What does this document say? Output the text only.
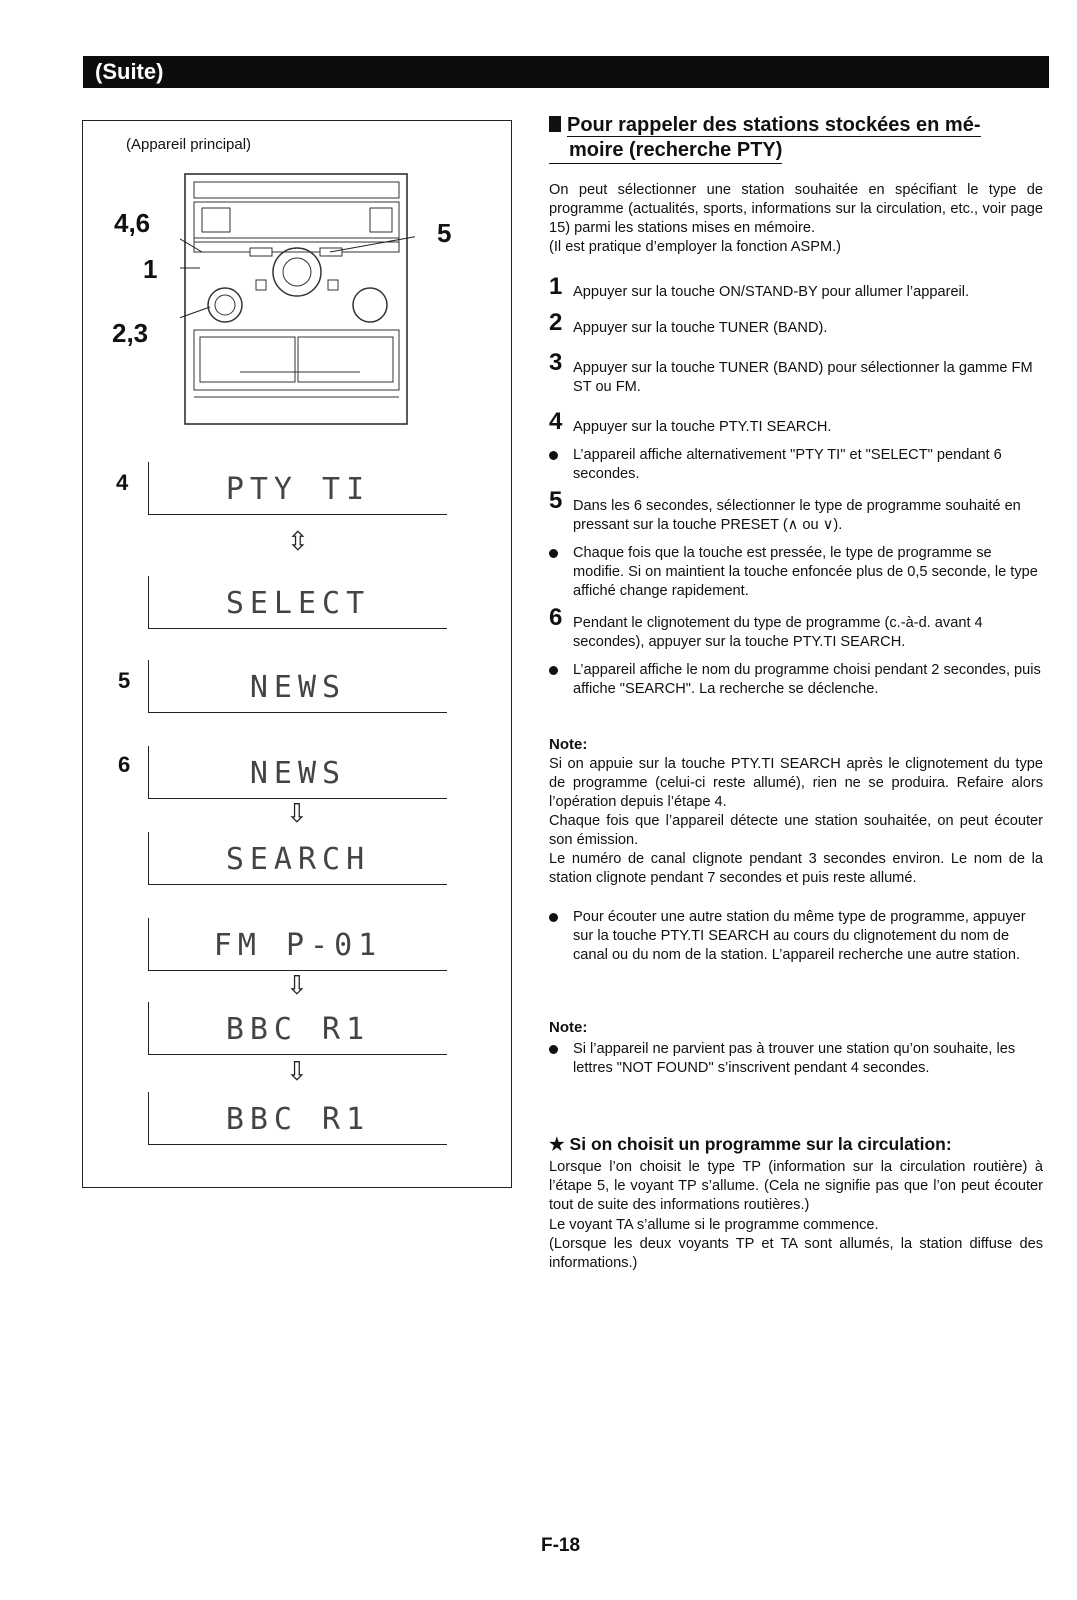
(Suite)
(Appareil principal)
4,6
1
2,3
5
4	PTY TI
⇳
SELECT
5	NEWS
6	NEWS
⇩
SEARCH
FM P-01
⇩
BBC R1
⇩
BBC R1
Pour rappeler des stations stockées en mé-
moire (recherche PTY)
On peut sélectionner une station souhaitée en spécifiant le type de programme (actualités, sports, informations sur la circulation, etc., voir page 15) parmi les stations mises en mémoire.
(Il est pratique d’employer la fonction ASPM.)
1 Appuyer sur la touche ON/STAND-BY pour allumer l’appareil.
2 Appuyer sur la touche TUNER (BAND).
3 Appuyer sur la touche TUNER (BAND) pour sélectionner la gamme FM ST ou FM.
4 Appuyer sur la touche PTY.TI SEARCH.
L’appareil affiche alternativement "PTY TI" et "SELECT" pendant 6 secondes.
5 Dans les 6 secondes, sélectionner le type de programme souhaité en pressant sur la touche PRESET (∧ ou ∨).
Chaque fois que la touche est pressée, le type de programme se modifie. Si on maintient la touche enfoncée plus de 0,5 seconde, le type affiché change rapidement.
6 Pendant le clignotement du type de programme (c.-à-d. avant 4 secondes), appuyer sur la touche PTY.TI SEARCH.
L’appareil affiche le nom du programme choisi pendant 2 secondes, puis affiche "SEARCH". La recherche se déclenche.
Note:
Si on appuie sur la touche PTY.TI SEARCH après le clignotement du type de programme (celui-ci reste allumé), rien ne se produira. Refaire alors l’opération depuis l’étape 4.
Chaque fois que l’appareil détecte une station souhaitée, on peut écouter son émission.
Le numéro de canal clignote pendant 3 secondes environ. Le nom de la station clignote pendant 7 secondes et puis reste allumé.
Pour écouter une autre station du même type de programme, appuyer sur la touche PTY.TI SEARCH au cours du clignotement du nom de canal ou du nom de la station. L’appareil recherche une autre station.
Note:
Si l’appareil ne parvient pas à trouver une station qu’on souhaite, les lettres "NOT FOUND" s’inscrivent pendant 4 secondes.
★ Si on choisit un programme sur la circulation:
Lorsque l’on choisit le type TP (information sur la circulation routière) à l’étape 5, le voyant TP s’allume. (Cela ne signifie pas que l’on peut écouter tout de suite des informations routières.)
Le voyant TA s’allume si le programme commence.
(Lorsque les deux voyants TP et TA sont allumés, la station diffuse des informations.)
F-18
